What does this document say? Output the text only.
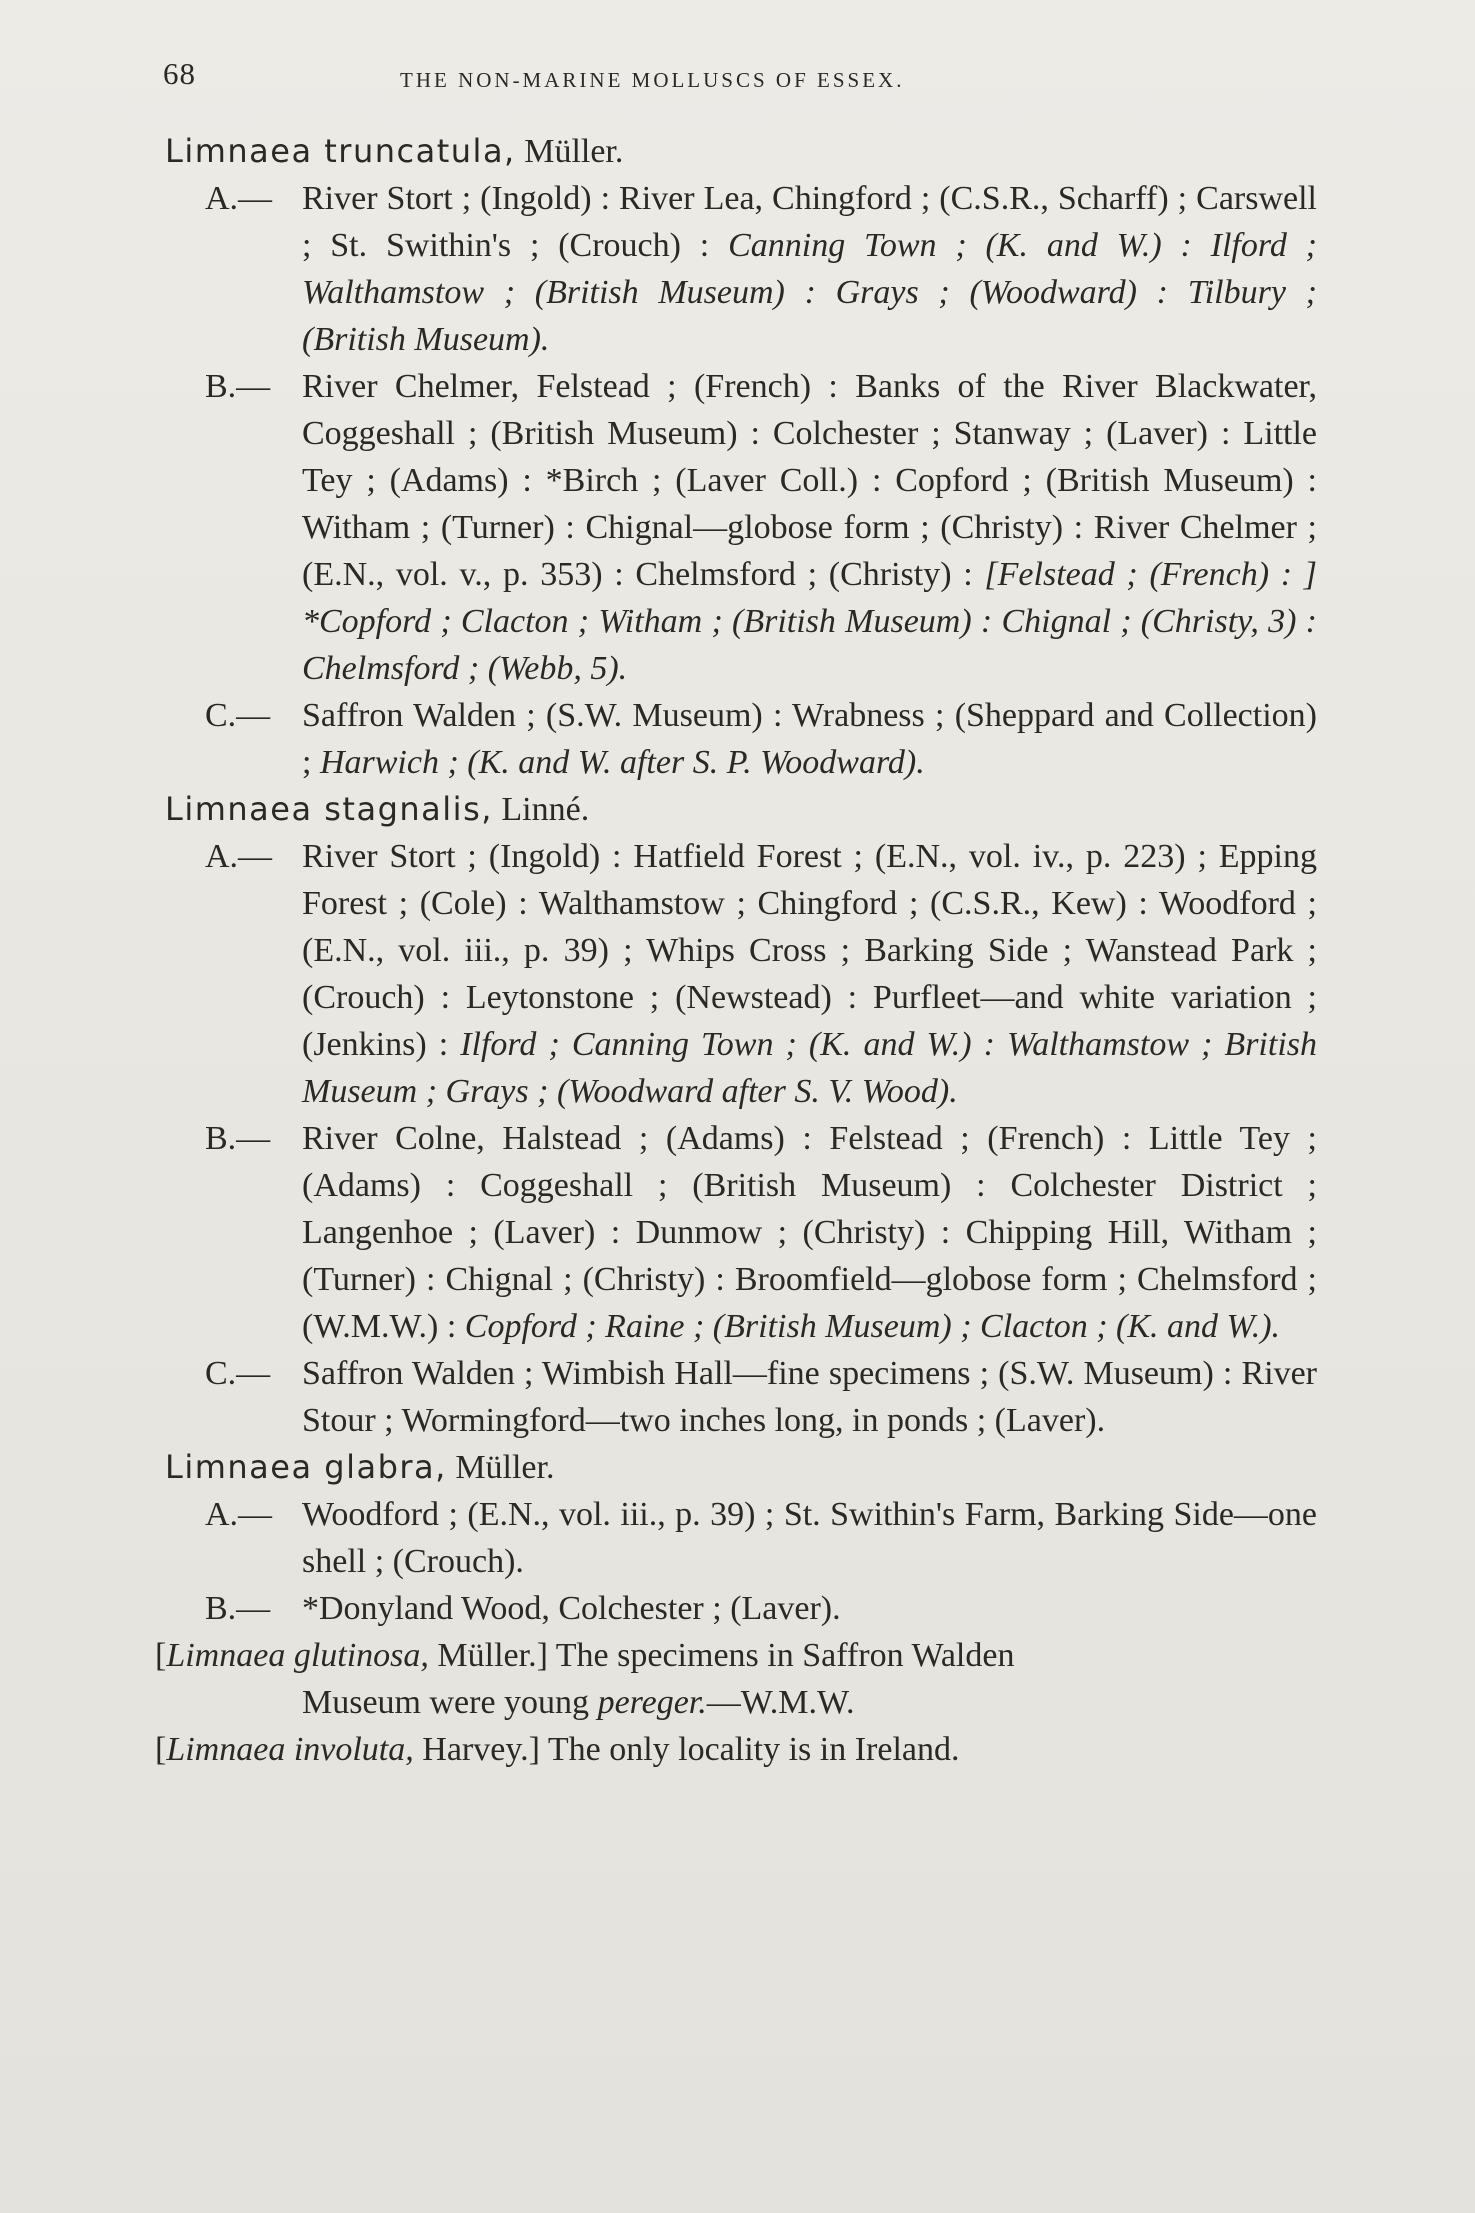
68	THE NON-MARINE MOLLUSCS OF ESSEX.
Limnaea truncatula, Müller.
A.— River Stort ; (Ingold) : River Lea, Chingford ; (C.S.R., Scharff) ; Carswell ; St. Swithin's ; (Crouch) : Canning Town ; (K. and W.) : Ilford ; Walthamstow ; (British Museum) : Grays ; (Woodward) : Tilbury ; (British Museum).
B.— River Chelmer, Felstead ; (French) : Banks of the River Blackwater, Coggeshall ; (British Museum) : Colchester ; Stanway ; (Laver) : Little Tey ; (Adams) : *Birch ; (Laver Coll.) : Copford ; (British Museum) : Witham ; (Turner) : Chignal—globose form ; (Christy) : River Chelmer ; (E.N., vol. v., p. 353) : Chelmsford ; (Christy) : [Felstead ; (French) : ] *Copford ; Clacton ; Witham ; (British Museum) : Chignal ; (Christy, 3) : Chelmsford ; (Webb, 5).
C.— Saffron Walden ; (S.W. Museum) : Wrabness ; (Sheppard and Collection) ; Harwich ; (K. and W. after S. P. Woodward).
Limnaea stagnalis, Linné.
A.— River Stort ; (Ingold) : Hatfield Forest ; (E.N., vol. iv., p. 223) ; Epping Forest ; (Cole) : Walthamstow ; Chingford ; (C.S.R., Kew) : Woodford ; (E.N., vol. iii., p. 39) ; Whips Cross ; Barking Side ; Wanstead Park ; (Crouch) : Leytonstone ; (Newstead) : Purfleet—and white variation ; (Jenkins) : Ilford ; Canning Town ; (K. and W.) : Walthamstow ; British Museum ; Grays ; (Woodward after S. V. Wood).
B.— River Colne, Halstead ; (Adams) : Felstead ; (French) : Little Tey ; (Adams) : Coggeshall ; (British Museum) : Colchester District ; Langenhoe ; (Laver) : Dunmow ; (Christy) : Chipping Hill, Witham ; (Turner) : Chignal ; (Christy) : Broomfield—globose form ; Chelmsford ; (W.M.W.) : Copford ; Raine ; (British Museum) ; Clacton ; (K. and W.).
C.— Saffron Walden ; Wimbish Hall—fine specimens ; (S.W. Museum) : River Stour ; Wormingford—two inches long, in ponds ; (Laver).
Limnaea glabra, Müller.
A.— Woodford ; (E.N., vol. iii., p. 39) ; St. Swithin's Farm, Barking Side—one shell ; (Crouch).
B.— *Donyland Wood, Colchester ; (Laver).
[Limnaea glutinosa, Müller.] The specimens in Saffron Walden

Museum were young pereger.—W.M.W.
[Limnaea involuta, Harvey.] The only locality is in Ireland.
